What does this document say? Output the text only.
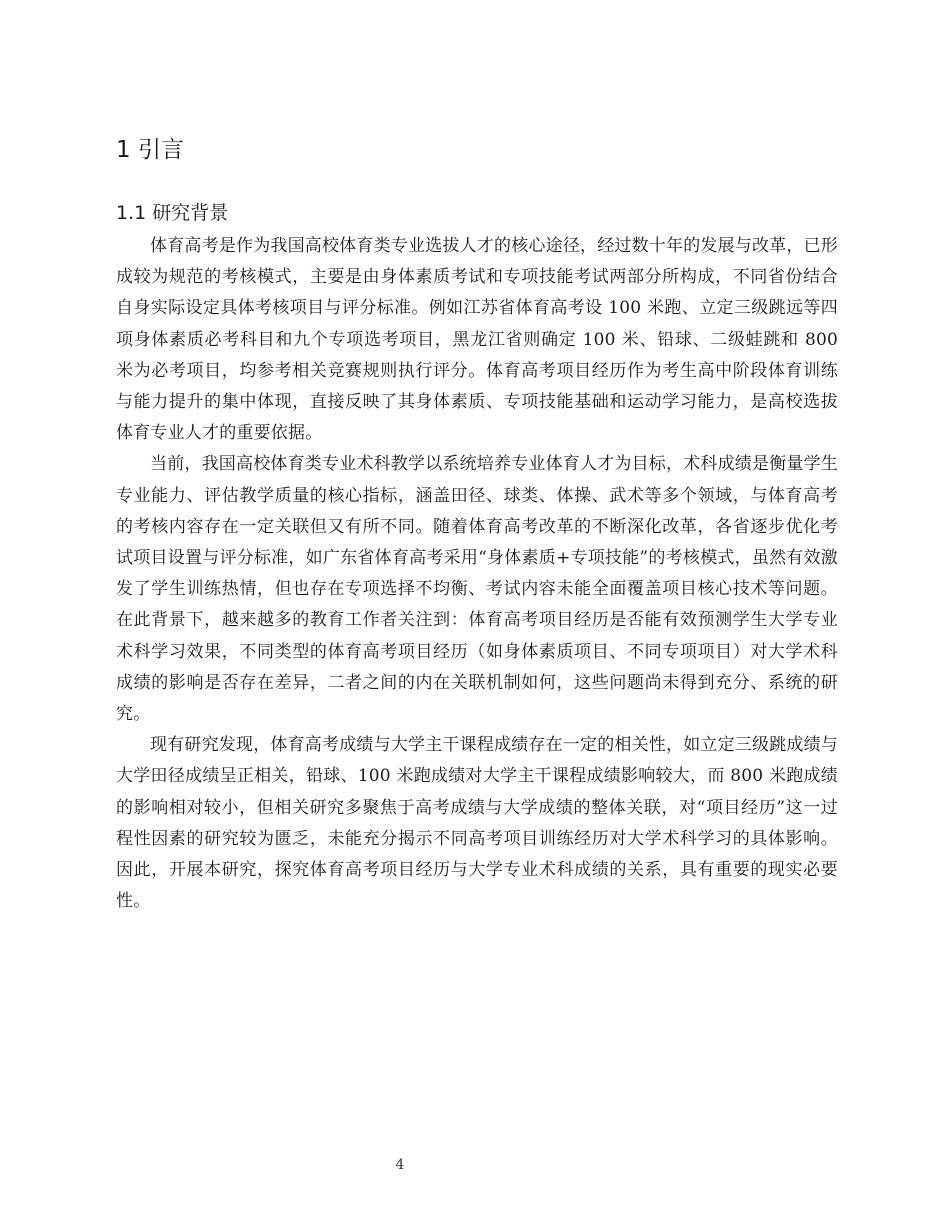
1 引言
1.1 研究背景

体育高考是作为我国高校体育类专业选拔人才的核心途径，经过数十年的发展与改革，已形成较为规范的考核模式，主要是由身体素质考试和专项技能考试两部分所构成，不同省份结合自身实际设定具体考核项目与评分标准。例如江苏省体育高考设 100 米跑、立定三级跳远等四项身体素质必考科目和九个专项选考项目，黑龙江省则确定 100 米、铅球、二级蛙跳和 800 米为必考项目，均参考相关竞赛规则执行评分。体育高考项目经历作为考生高中阶段体育训练与能力提升的集中体现，直接反映了其身体素质、专项技能基础和运动学习能力，是高校选拔体育专业人才的重要依据。

当前，我国高校体育类专业术科教学以系统培养专业体育人才为目标，术科成绩是衡量学生专业能力、评估教学质量的核心指标，涵盖田径、球类、体操、武术等多个领域，与体育高考的考核内容存在一定关联但又有所不同。随着体育高考改革的不断深化改革，各省逐步优化考试项目设置与评分标准，如广东省体育高考采用“身体素质+专项技能”的考核模式，虽然有效激发了学生训练热情，但也存在专项选择不均衡、考试内容未能全面覆盖项目核心技术等问题。在此背景下，越来越多的教育工作者关注到：体育高考项目经历是否能有效预测学生大学专业术科学习效果，不同类型的体育高考项目经历（如身体素质项目、不同专项项目）对大学术科成绩的影响是否存在差异，二者之间的内在关联机制如何，这些问题尚未得到充分、系统的研究。

现有研究发现，体育高考成绩与大学主干课程成绩存在一定的相关性，如立定三级跳成绩与大学田径成绩呈正相关，铅球、100 米跑成绩对大学主干课程成绩影响较大，而 800 米跑成绩的影响相对较小，但相关研究多聚焦于高考成绩与大学成绩的整体关联，对“项目经历”这一过程性因素的研究较为匮乏，未能充分揭示不同高考项目训练经历对大学术科学习的具体影响。因此，开展本研究，探究体育高考项目经历与大学专业术科成绩的关系，具有重要的现实必要性。

4
